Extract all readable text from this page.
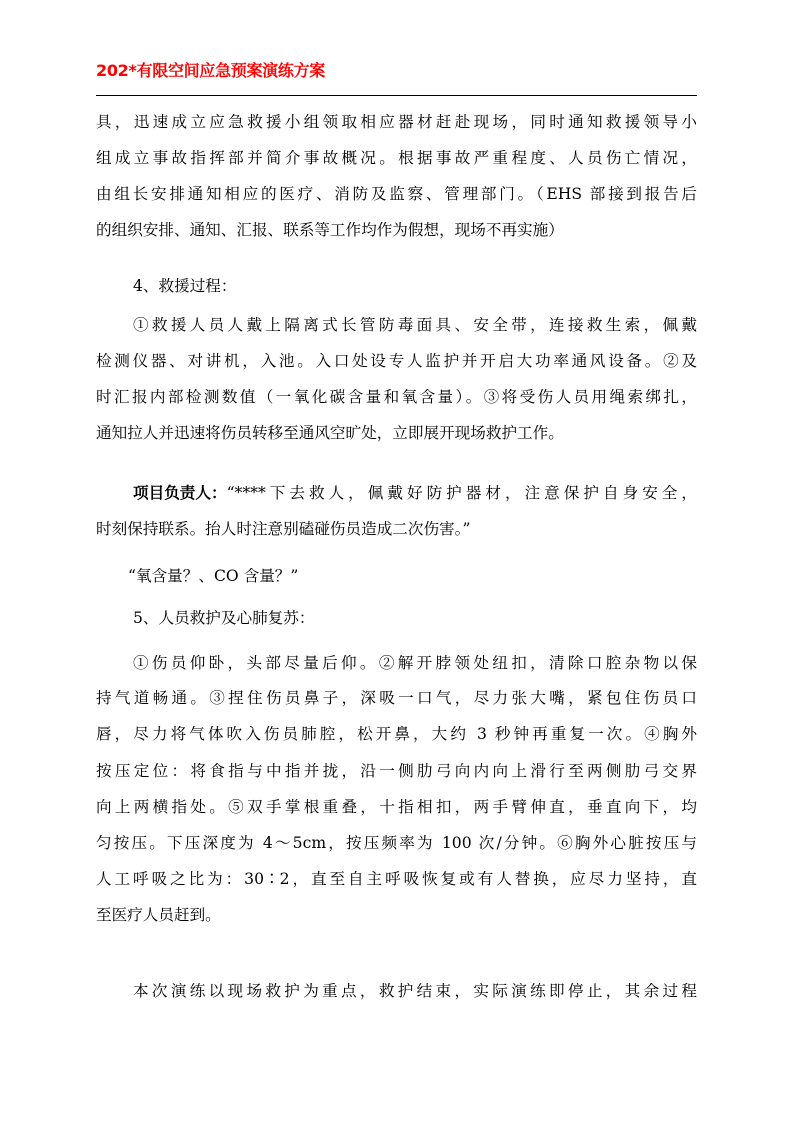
202*有限空间应急预案演练方案
具，迅速成立应急救援小组领取相应器材赶赴现场，同时通知救援领导小
组成立事故指挥部并简介事故概况。根据事故严重程度、人员伤亡情况，
由组长安排通知相应的医疗、消防及监察、管理部门。（EHS 部接到报告后
的组织安排、通知、汇报、联系等工作均作为假想，现场不再实施）
4、救援过程：
①救援人员人戴上隔离式长管防毒面具、安全带，连接救生索，佩戴
检测仪器、对讲机，入池。入口处设专人监护并开启大功率通风设备。②及
时汇报内部检测数值（一氧化碳含量和氧含量）。③将受伤人员用绳索绑扎，
通知拉人并迅速将伤员转移至通风空旷处，立即展开现场救护工作。
项目负责人： “****下去救人，佩戴好防护器材，注意保护自身安全，
时刻保持联系。抬人时注意别磕碰伤员造成二次伤害。”
“氧含量？、CO 含量？”
5、人员救护及心肺复苏：
①伤员仰卧，头部尽量后仰。②解开脖领处纽扣，清除口腔杂物以保
持气道畅通。③捏住伤员鼻子，深吸一口气，尽力张大嘴，紧包住伤员口
唇，尽力将气体吹入伤员肺腔，松开鼻，大约 3 秒钟再重复一次。④胸外
按压定位：将食指与中指并拢，沿一侧肋弓向内向上滑行至两侧肋弓交界
向上两横指处。⑤双手掌根重叠，十指相扣，两手臂伸直，垂直向下，均
匀按压。下压深度为 4～5cm，按压频率为 100 次/分钟。⑥胸外心脏按压与
人工呼吸之比为：30∶2，直至自主呼吸恢复或有人替换，应尽力坚持，直
至医疗人员赶到。
本次演练以现场救护为重点，救护结束，实际演练即停止，其余过程
